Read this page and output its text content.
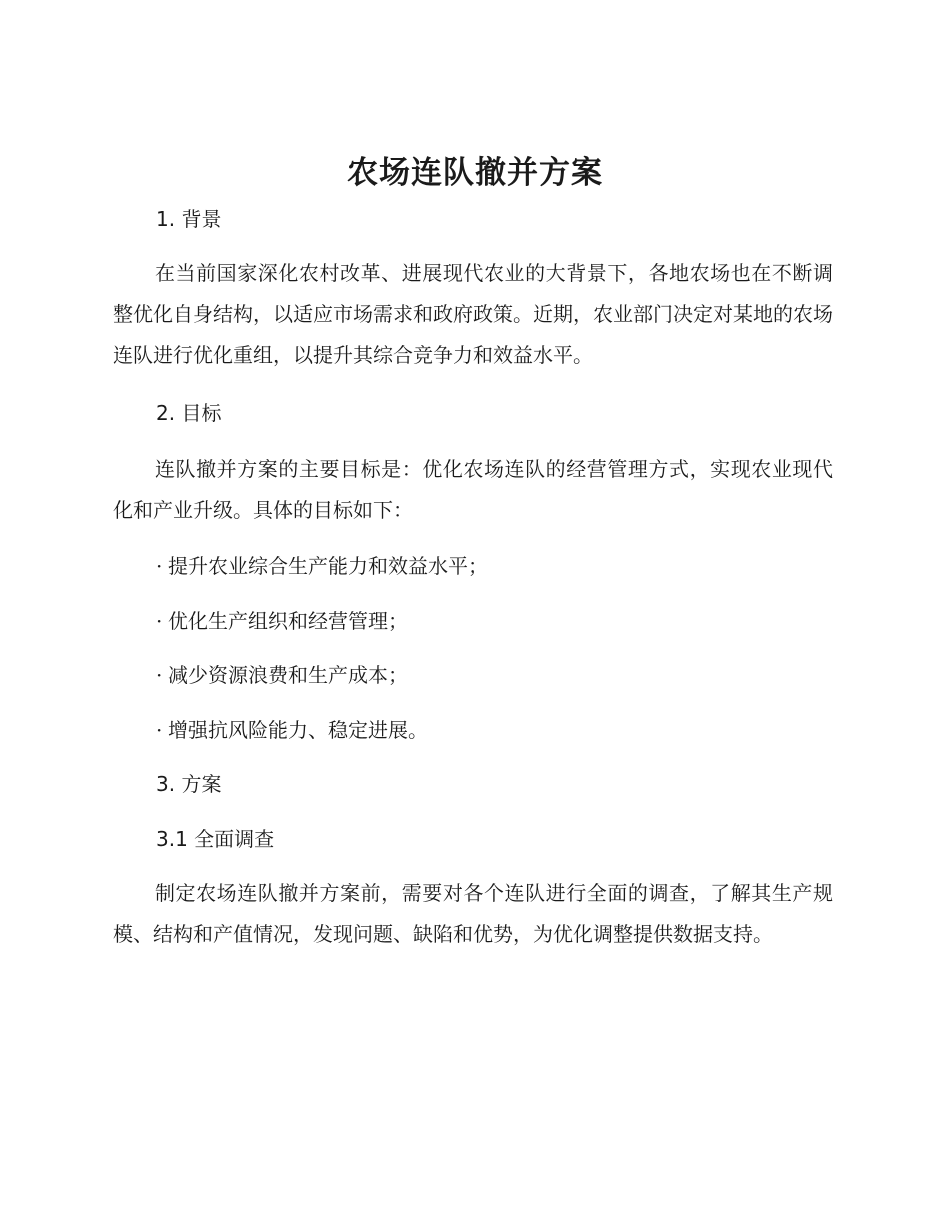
农场连队撤并方案
1. 背景

在当前国家深化农村改革、进展现代农业的大背景下，各地农场也在不断调整优化自身结构，以适应市场需求和政府政策。近期，农业部门决定对某地的农场连队进行优化重组，以提升其综合竞争力和效益水平。

2. 目标

连队撤并方案的主要目标是：优化农场连队的经营管理方式，实现农业现代化和产业升级。具体的目标如下：

· 提升农业综合生产能力和效益水平；
· 优化生产组织和经营管理；
· 减少资源浪费和生产成本；
· 增强抗风险能力、稳定进展。
3. 方案
3.1 全面调查

制定农场连队撤并方案前，需要对各个连队进行全面的调查，了解其生产规模、结构和产值情况，发现问题、缺陷和优势，为优化调整提供数据支持。
